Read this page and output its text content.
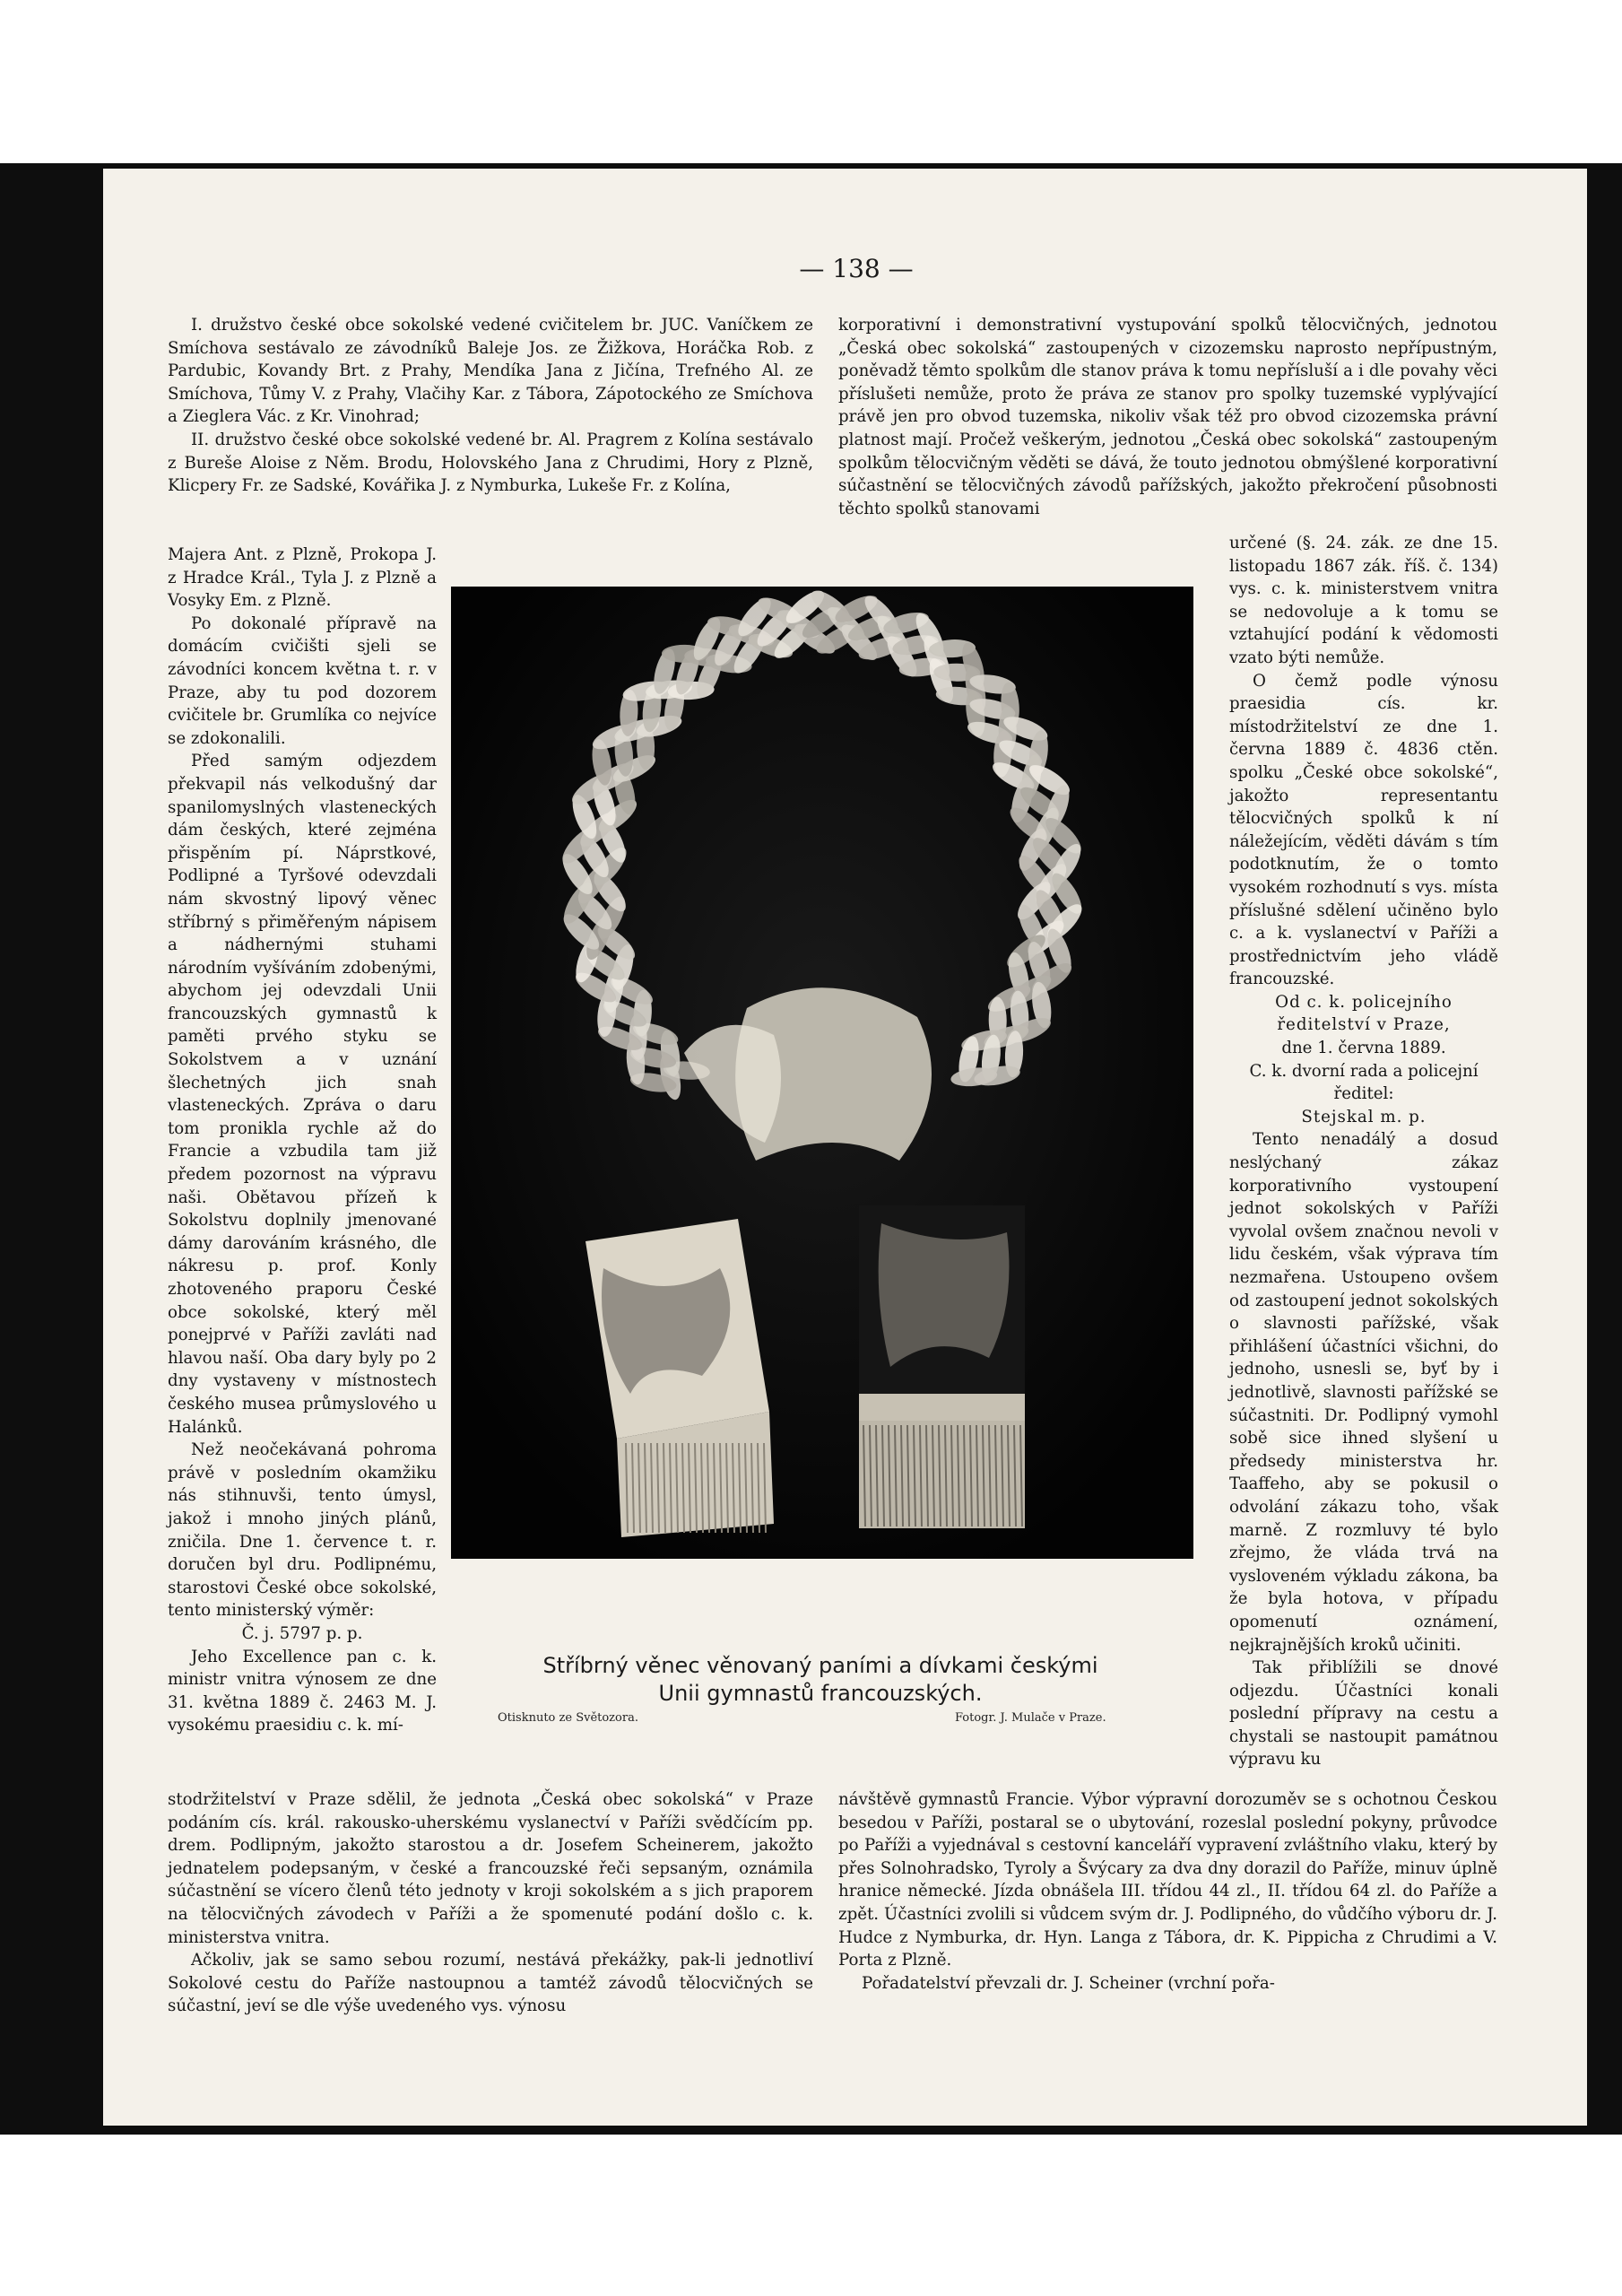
— 138 —

I. družstvo české obce sokolské vedené cvičitelem br. JUC. Vaníčkem ze Smíchova sestávalo ze závodníků Baleje Jos. ze Žižkova, Horáčka Rob. z Pardubic, Kovandy Brt. z Prahy, Mendíka Jana z Jičína, Trefného Al. ze Smíchova, Tůmy V. z Prahy, Vlačihy Kar. z Tábora, Zápotockého ze Smíchova a Zieglera Vác. z Kr. Vinohrad;

II. družstvo české obce sokolské vedené br. Al. Pragrem z Kolína sestávalo z Bureše Aloise z Něm. Brodu, Holovského Jana z Chrudimi, Hory z Plzně, Klicpery Fr. ze Sadské, Kovářika J. z Nymburka, Lukeše Fr. z Kolína,

Majera Ant. z Plzně, Prokopa J. z Hradce Král., Tyla J. z Plzně a Vosyky Em. z Plzně.

Po dokonalé přípravě na domácím cvičišti sjeli se závodníci koncem května t. r. v Praze, aby tu pod dozorem cvičitele br. Grumlíka co nejvíce se zdokonalili.

Před samým odjezdem překvapil nás velkodušný dar spanilomyslných vlasteneckých dám českých, které zejména přispěním pí. Náprstkové, Podlipné a Tyršové odevzdali nám skvostný lipový věnec stříbrný s přiměřeným nápisem a nádhernými stuhami národním vyšíváním zdobenými, abychom jej odevzdali Unii francouzských gymnastů k paměti prvého styku se Sokolstvem a v uznání šlechetných jich snah vlasteneckých. Zpráva o daru tom pronikla rychle až do Francie a vzbudila tam již předem pozornost na výpravu naši. Obětavou přízeň k Sokolstvu doplnily jmenované dámy darováním krásného, dle nákresu p. prof. Konly zhotoveného praporu České obce sokolské, který měl ponejprvé v Paříži zavláti nad hlavou naší. Oba dary byly po 2 dny vystaveny v místnostech českého musea průmyslového u Halánků.

Než neočekávaná pohroma právě v posledním okamžiku nás stihnuvši, tento úmysl, jakož i mnoho jiných plánů, zničila. Dne 1. července t. r. doručen byl dru. Podlipnému, starostovi České obce sokolské, tento ministerský výměr:

Č. j. 5797 p. p.

Jeho Excellence pan c. k. ministr vnitra výnosem ze dne 31. května 1889 č. 2463 M. J. vysokému praesidiu c. k. mí-

stodržitelství v Praze sdělil, že jednota „Česká obec sokolská“ v Praze podáním cís. král. rakousko-uherskému vyslanectví v Paříži svědčícím pp. drem. Podlipným, jakožto starostou a dr. Josefem Scheinerem, jakožto jednatelem podepsaným, v české a francouzské řeči sepsaným, oznámila súčastnění se vícero členů této jednoty v kroji sokolském a s jich praporem na tělocvičných závodech v Paříži a že spomenuté podání došlo c. k. ministerstva vnitra.

Ačkoliv, jak se samo sebou rozumí, nestává překážky, pak-li jednotliví Sokolové cestu do Paříže nastoupnou a tamtéž závodů tělocvičných se súčastní, jeví se dle výše uvedeného vys. výnosu

korporativní i demonstrativní vystupování spolků tělocvičných, jednotou „Česká obec sokolská“ zastoupených v cizozemsku naprosto nepřípustným, poněvadž těmto spolkům dle stanov práva k tomu nepřísluší a i dle povahy věci příslušeti nemůže, proto že práva ze stanov pro spolky tuzemské vyplývající právě jen pro obvod tuzemska, nikoliv však též pro obvod cizozemska právní platnost mají. Pročež veškerým, jednotou „Česká obec sokolská“ zastoupeným spolkům tělocvičným věděti se dává, že touto jednotou obmýšlené korporativní súčastnění se tělocvičných závodů pařížských, jakožto překročení působnosti těchto spolků stanovami

určené (§. 24. zák. ze dne 15. listopadu 1867 zák. říš. č. 134) vys. c. k. ministerstvem vnitra se nedovoluje a k tomu se vztahující podání k vědomosti vzato býti nemůže.

O čemž podle výnosu praesidia cís. kr. místodržitelství ze dne 1. června 1889 č. 4836 ctěn. spolku „České obce sokolské“, jakožto representantu tělocvičných spolků k ní náležejícím, věděti dávám s tím podotknutím, že o tomto vysokém rozhodnutí s vys. místa příslušné sdělení učiněno bylo c. a k. vyslanectví v Paříži a prostřednictvím jeho vládě francouzské.

Od c. k. policejního ředitelství v Praze,

dne 1. června 1889.

C. k. dvorní rada a policejní ředitel:

Stejskal m. p.

Tento nenadálý a dosud neslýchaný zákaz korporativního vystoupení jednot sokolských v Paříži vyvolal ovšem značnou nevoli v lidu českém, však výprava tím nezmařena. Ustoupeno ovšem od zastoupení jednot sokolských o slavnosti pařížské, však přihlášení účastníci všichni, do jednoho, usnesli se, byť by i jednotlivě, slavnosti pařížské se súčastniti. Dr. Podlipný vymohl sobě sice ihned slyšení u předsedy ministerstva hr. Taaffeho, aby se pokusil o odvolání zákazu toho, však marně. Z rozmluvy té bylo zřejmo, že vláda trvá na vysloveném výkladu zákona, ba že byla hotova, v případu opomenutí oznámení, nejkrajnějších kroků učiniti.

Tak přiblížili se dnové odjezdu. Účastníci konali poslední přípravy na cestu a chystali se nastoupit památnou výpravu ku

návštěvě gymnastů Francie. Výbor výpravní dorozuměv se s ochotnou Českou besedou v Paříži, postaral se o ubytování, rozeslal poslední pokyny, průvodce po Paříži a vyjednával s cestovní kanceláří vypravení zvláštního vlaku, který by přes Solnohradsko, Tyroly a Švýcary za dva dny dorazil do Paříže, minuv úplně hranice německé. Jízda obnášela III. třídou 44 zl., II. třídou 64 zl. do Paříže a zpět. Účastníci zvolili si vůdcem svým dr. J. Podlipného, do vůdčího výboru dr. J. Hudce z Nymburka, dr. Hyn. Langa z Tábora, dr. K. Pippicha z Chrudimi a V. Porta z Plzně.

Pořadatelství převzali dr. J. Scheiner (vrchní pořa-

Stříbrný věnec věnovaný paními a dívkami českými
Unii gymnastů francouzských.
Otisknuto ze Světozora.	Fotogr. J. Mulače v Praze.
